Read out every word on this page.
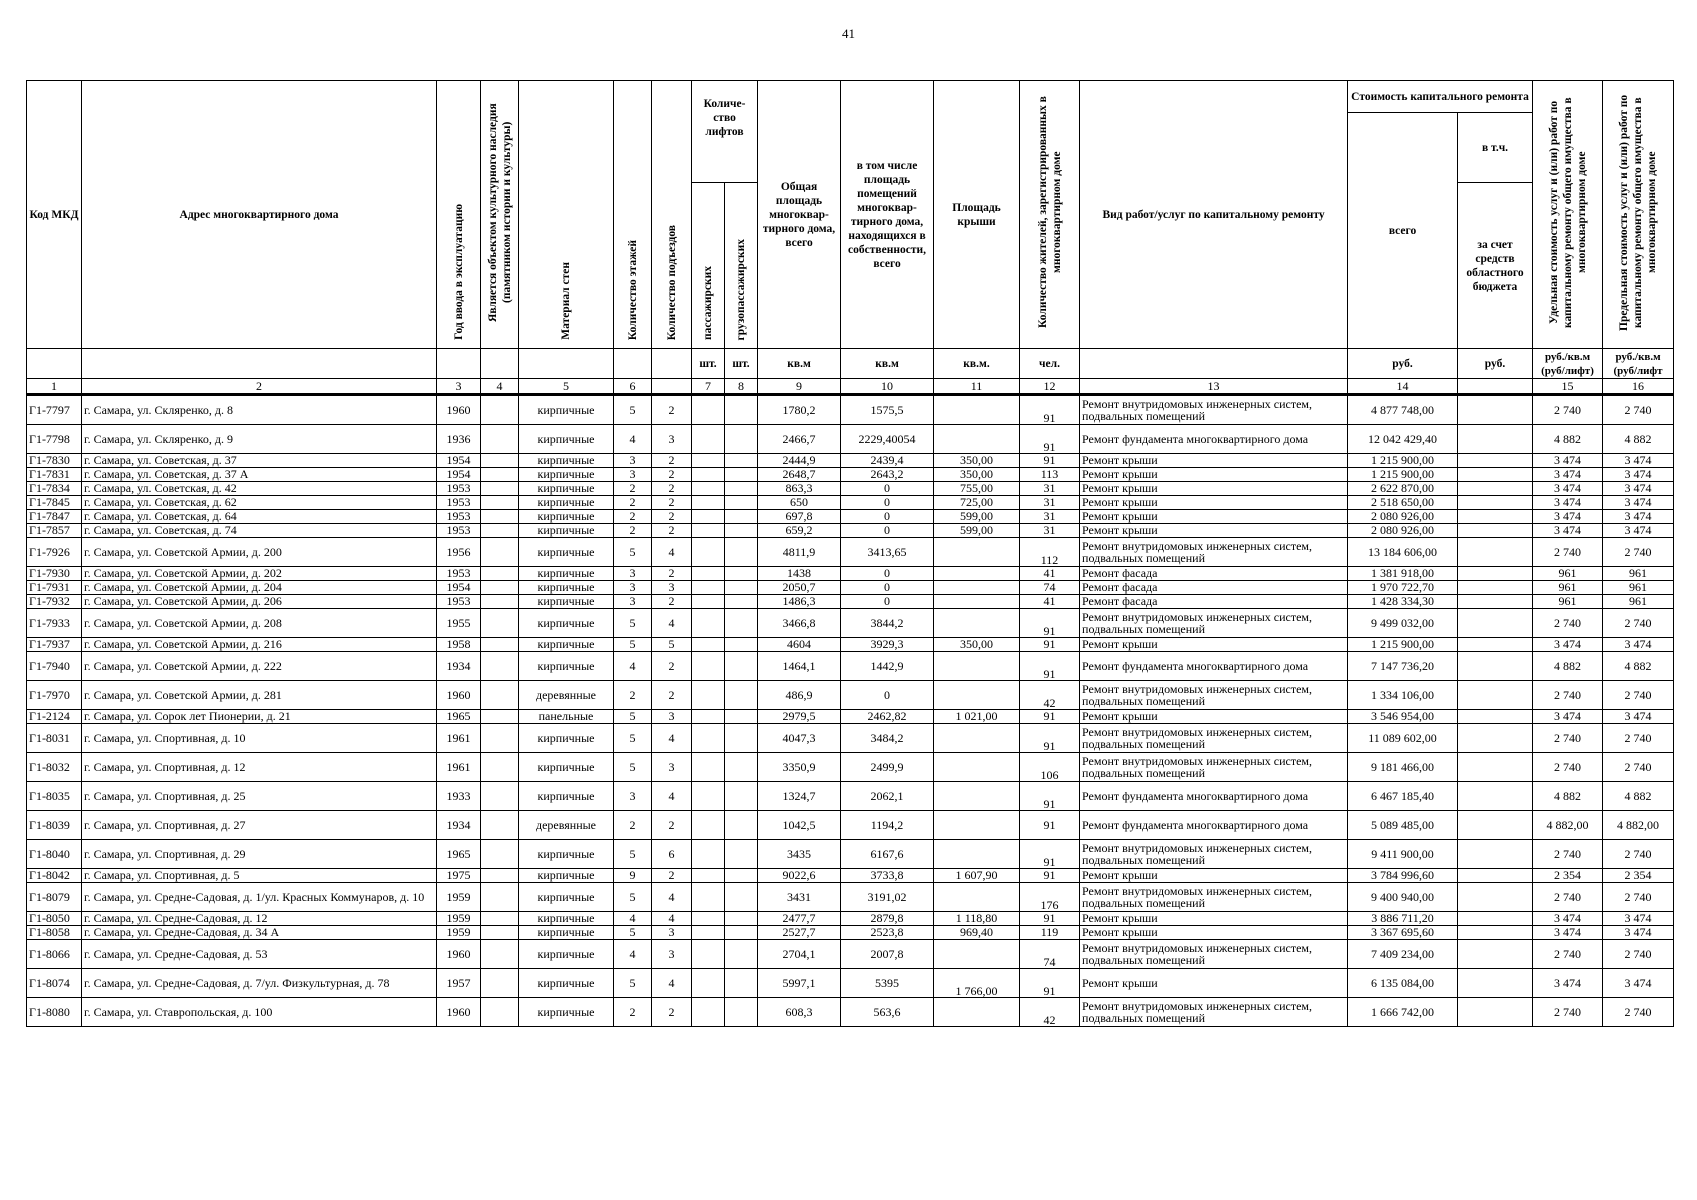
41
Код МКД	Адрес многоквартирного дома	Год ввода в эксплуатацию	Является объектом культурного наследия (памятником истории и культуры)	Материал стен	Количество этажей	Количество подъездов	Количе-ство лифтов		Общая площадь многоквар-тирного дома, всего	в том числе площадь помещений многоквар-тирного дома, находящихся в собственности, всего	Площадь крыши	Количество жителей, зарегистрированных в многоквартирном доме	Вид работ/услуг по капитальному ремонту	Стоимость капитального ремонта		Удельная стоимость услуг и (или) работ по капитальному ремонту общего имущества в многоквартирном доме	Предельная стоимость услуг и (или) работ по капитальному ремонту общего имущества в многоквартирном доме
														всего	в т.ч.		
							пассажирских	грузопассажирских							за счет средств областного бюджета		
							шт.	шт.	кв.м	кв.м	кв.м.	чел.		руб.	руб.	руб./кв.м (руб/лифт)	руб./кв.м (руб/лифт
1	2	3	4	5	6		7	8	9	10	11	12	13	14		15	16
Г1-7797	г. Самара, ул. Скляренко, д. 8	1960		кирпичные	5	2			1780,2	1575,5		91	Ремонт внутридомовых инженерных систем, подвальных помещений	4 877 748,00		2 740	2 740
Г1-7798	г. Самара, ул. Скляренко, д. 9	1936		кирпичные	4	3			2466,7	2229,40054		91	Ремонт фундамента многоквартирного дома	12 042 429,40		4 882	4 882
Г1-7830	г. Самара, ул. Советская, д. 37	1954		кирпичные	3	2			2444,9	2439,4	350,00	91	Ремонт крыши	1 215 900,00		3 474	3 474
Г1-7831	г. Самара, ул. Советская, д. 37 А	1954		кирпичные	3	2			2648,7	2643,2	350,00	113	Ремонт крыши	1 215 900,00		3 474	3 474
Г1-7834	г. Самара, ул. Советская, д. 42	1953		кирпичные	2	2			863,3	0	755,00	31	Ремонт крыши	2 622 870,00		3 474	3 474
Г1-7845	г. Самара, ул. Советская, д. 62	1953		кирпичные	2	2			650	0	725,00	31	Ремонт крыши	2 518 650,00		3 474	3 474
Г1-7847	г. Самара, ул. Советская, д. 64	1953		кирпичные	2	2			697,8	0	599,00	31	Ремонт крыши	2 080 926,00		3 474	3 474
Г1-7857	г. Самара, ул. Советская, д. 74	1953		кирпичные	2	2			659,2	0	599,00	31	Ремонт крыши	2 080 926,00		3 474	3 474
Г1-7926	г. Самара, ул. Советской Армии, д. 200	1956		кирпичные	5	4			4811,9	3413,65		112	Ремонт внутридомовых инженерных систем, подвальных помещений	13 184 606,00		2 740	2 740
Г1-7930	г. Самара, ул. Советской Армии, д. 202	1953		кирпичные	3	2			1438	0		41	Ремонт фасада	1 381 918,00		961	961
Г1-7931	г. Самара, ул. Советской Армии, д. 204	1954		кирпичные	3	3			2050,7	0		74	Ремонт фасада	1 970 722,70		961	961
Г1-7932	г. Самара, ул. Советской Армии, д. 206	1953		кирпичные	3	2			1486,3	0		41	Ремонт фасада	1 428 334,30		961	961
Г1-7933	г. Самара, ул. Советской Армии, д. 208	1955		кирпичные	5	4			3466,8	3844,2		91	Ремонт внутридомовых инженерных систем, подвальных помещений	9 499 032,00		2 740	2 740
Г1-7937	г. Самара, ул. Советской Армии, д. 216	1958		кирпичные	5	5			4604	3929,3	350,00	91	Ремонт крыши	1 215 900,00		3 474	3 474
Г1-7940	г. Самара, ул. Советской Армии, д. 222	1934		кирпичные	4	2			1464,1	1442,9		91	Ремонт фундамента многоквартирного дома	7 147 736,20		4 882	4 882
Г1-7970	г. Самара, ул. Советской Армии, д. 281	1960		деревянные	2	2			486,9	0		42	Ремонт внутридомовых инженерных систем, подвальных помещений	1 334 106,00		2 740	2 740
Г1-2124	г. Самара, ул. Сорок лет Пионерии, д. 21	1965		панельные	5	3			2979,5	2462,82	1 021,00	91	Ремонт крыши	3 546 954,00		3 474	3 474
Г1-8031	г. Самара, ул. Спортивная, д. 10	1961		кирпичные	5	4			4047,3	3484,2		91	Ремонт внутридомовых инженерных систем, подвальных помещений	11 089 602,00		2 740	2 740
Г1-8032	г. Самара, ул. Спортивная, д. 12	1961		кирпичные	5	3			3350,9	2499,9		106	Ремонт внутридомовых инженерных систем, подвальных помещений	9 181 466,00		2 740	2 740
Г1-8035	г. Самара, ул. Спортивная, д. 25	1933		кирпичные	3	4			1324,7	2062,1		91	Ремонт фундамента многоквартирного дома	6 467 185,40		4 882	4 882
Г1-8039	г. Самара, ул. Спортивная, д. 27	1934		деревянные	2	2			1042,5	1194,2		91	Ремонт фундамента многоквартирного дома	5 089 485,00		4 882,00	4 882,00
Г1-8040	г. Самара, ул. Спортивная, д. 29	1965		кирпичные	5	6			3435	6167,6		91	Ремонт внутридомовых инженерных систем, подвальных помещений	9 411 900,00		2 740	2 740
Г1-8042	г. Самара, ул. Спортивная, д. 5	1975		кирпичные	9	2			9022,6	3733,8	1 607,90	91	Ремонт крыши	3 784 996,60		2 354	2 354
Г1-8079	г. Самара, ул. Средне-Садовая, д. 1/ул. Красных Коммунаров, д. 10	1959		кирпичные	5	4			3431	3191,02		176	Ремонт внутридомовых инженерных систем, подвальных помещений	9 400 940,00		2 740	2 740
Г1-8050	г. Самара, ул. Средне-Садовая, д. 12	1959		кирпичные	4	4			2477,7	2879,8	1 118,80	91	Ремонт крыши	3 886 711,20		3 474	3 474
Г1-8058	г. Самара, ул. Средне-Садовая, д. 34 А	1959		кирпичные	5	3			2527,7	2523,8	969,40	119	Ремонт крыши	3 367 695,60		3 474	3 474
Г1-8066	г. Самара, ул. Средне-Садовая, д. 53	1960		кирпичные	4	3			2704,1	2007,8		74	Ремонт внутридомовых инженерных систем, подвальных помещений	7 409 234,00		2 740	2 740
Г1-8074	г. Самара, ул. Средне-Садовая, д. 7/ул. Физкультурная, д. 78	1957		кирпичные	5	4			5997,1	5395	1 766,00	91	Ремонт крыши	6 135 084,00		3 474	3 474
Г1-8080	г. Самара, ул. Ставропольская, д. 100	1960		кирпичные	2	2			608,3	563,6		42	Ремонт внутридомовых инженерных систем, подвальных помещений	1 666 742,00		2 740	2 740
